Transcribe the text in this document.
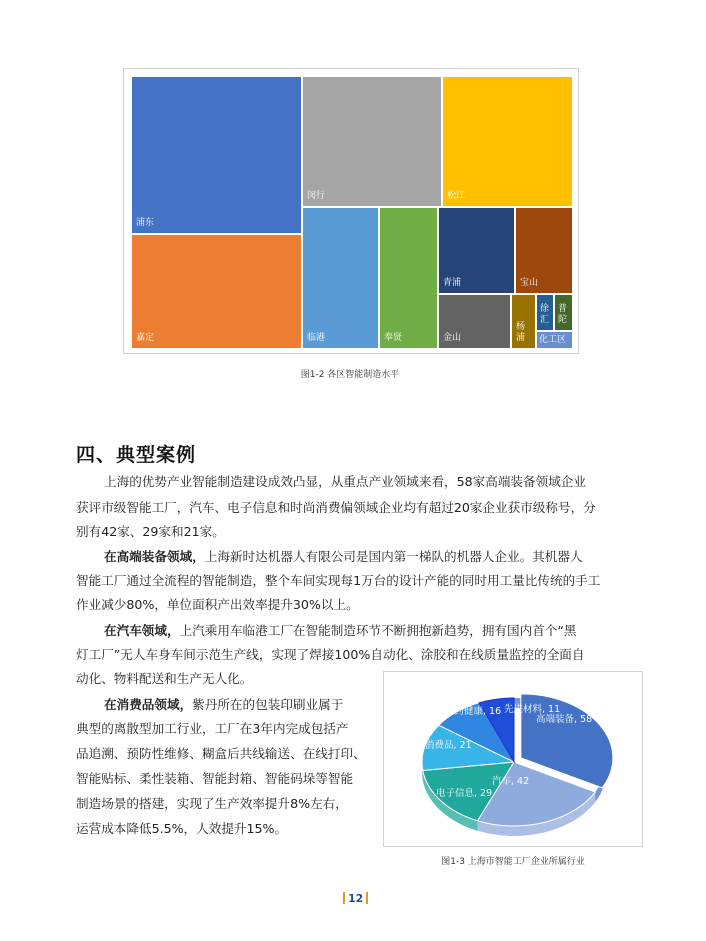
浦东
嘉定
闵行	松江
临港	奉贤
青浦	宝山
金山
杨浦
徐汇
普陀
化工区
图1-2 各区智能制造水平
四、典型案例
上海的优势产业智能制造建设成效凸显，从重点产业领域来看，58家高端装备领域企业
获评市级智能工厂，汽车、电子信息和时尚消费偏领域企业均有超过20家企业获市级称号，分
别有42家、29家和21家。
在高端装备领域，上海新时达机器人有限公司是国内第一梯队的机器人企业。其机器人
智能工厂通过全流程的智能制造，整个车间实现每1万台的设计产能的同时用工量比传统的手工
作业减少80%，单位面积产出效率提升30%以上。
在汽车领域，上汽乘用车临港工厂在智能制造环节不断拥抱新趋势，拥有国内首个“黑
灯工厂”无人车身车间示范生产线，实现了焊接100%自动化、涂胶和在线质量监控的全面自
动化、物料配送和生产无人化。
在消费品领域，紫丹所在的包装印刷业属于
典型的离散型加工行业，工厂在3年内完成包括产
品追溯、预防性维修、糊盒后共线输送、在线打印、
智能贴标、柔性装箱、智能封箱、智能码垛等智能
制造场景的搭建，实现了生产效率提升8%左右，
运营成本降低5.5%，人效提升15%。
高端装备, 58
汽车, 42
电子信息, 29
时尚消费品, 21
生物医药健康, 16 先进材料, 11
图1-3 上海市智能工厂企业所属行业
12
